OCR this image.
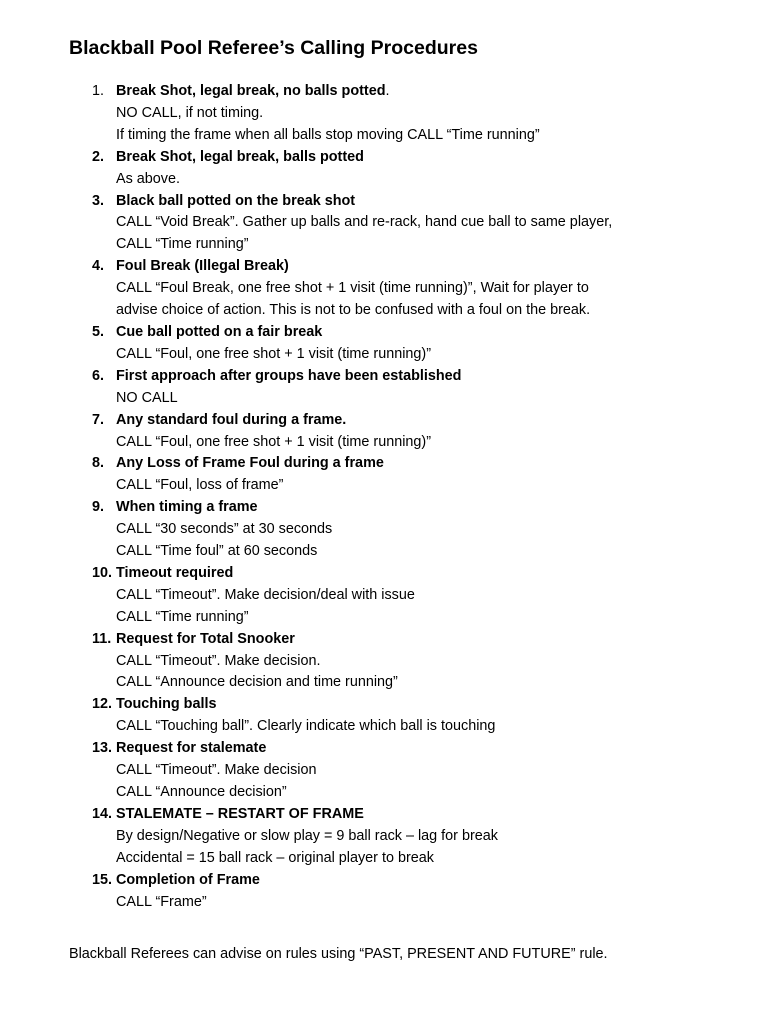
Blackball Pool Referee’s Calling Procedures
1. Break Shot, legal break, no balls potted.
NO CALL, if not timing.
If timing the frame when all balls stop moving CALL “Time running”
2. Break Shot, legal break, balls potted
As above.
3. Black ball potted on the break shot
CALL “Void Break”. Gather up balls and re-rack, hand cue ball to same player,
CALL “Time running”
4. Foul Break (Illegal Break)
CALL “Foul Break, one free shot + 1 visit (time running)”, Wait for player to
advise choice of action. This is not to be confused with a foul on the break.
5. Cue ball potted on a fair break
CALL “Foul, one free shot + 1 visit (time running)”
6. First approach after groups have been established
NO CALL
7. Any standard foul during a frame.
CALL “Foul, one free shot + 1 visit (time running)”
8. Any Loss of Frame Foul during a frame
CALL “Foul, loss of frame”
9. When timing a frame
CALL “30 seconds” at 30 seconds
CALL “Time foul” at 60 seconds
10. Timeout required
CALL “Timeout”. Make decision/deal with issue
CALL “Time running”
11. Request for Total Snooker
CALL “Timeout”. Make decision.
CALL “Announce decision and time running”
12. Touching balls
CALL “Touching ball”. Clearly indicate which ball is touching
13. Request for stalemate
CALL “Timeout”. Make decision
CALL “Announce decision”
14. STALEMATE – RESTART OF FRAME
By design/Negative or slow play = 9 ball rack – lag for break
Accidental = 15 ball rack – original player to break
15. Completion of Frame
CALL “Frame”
Blackball Referees can advise on rules using “PAST, PRESENT AND FUTURE” rule.
